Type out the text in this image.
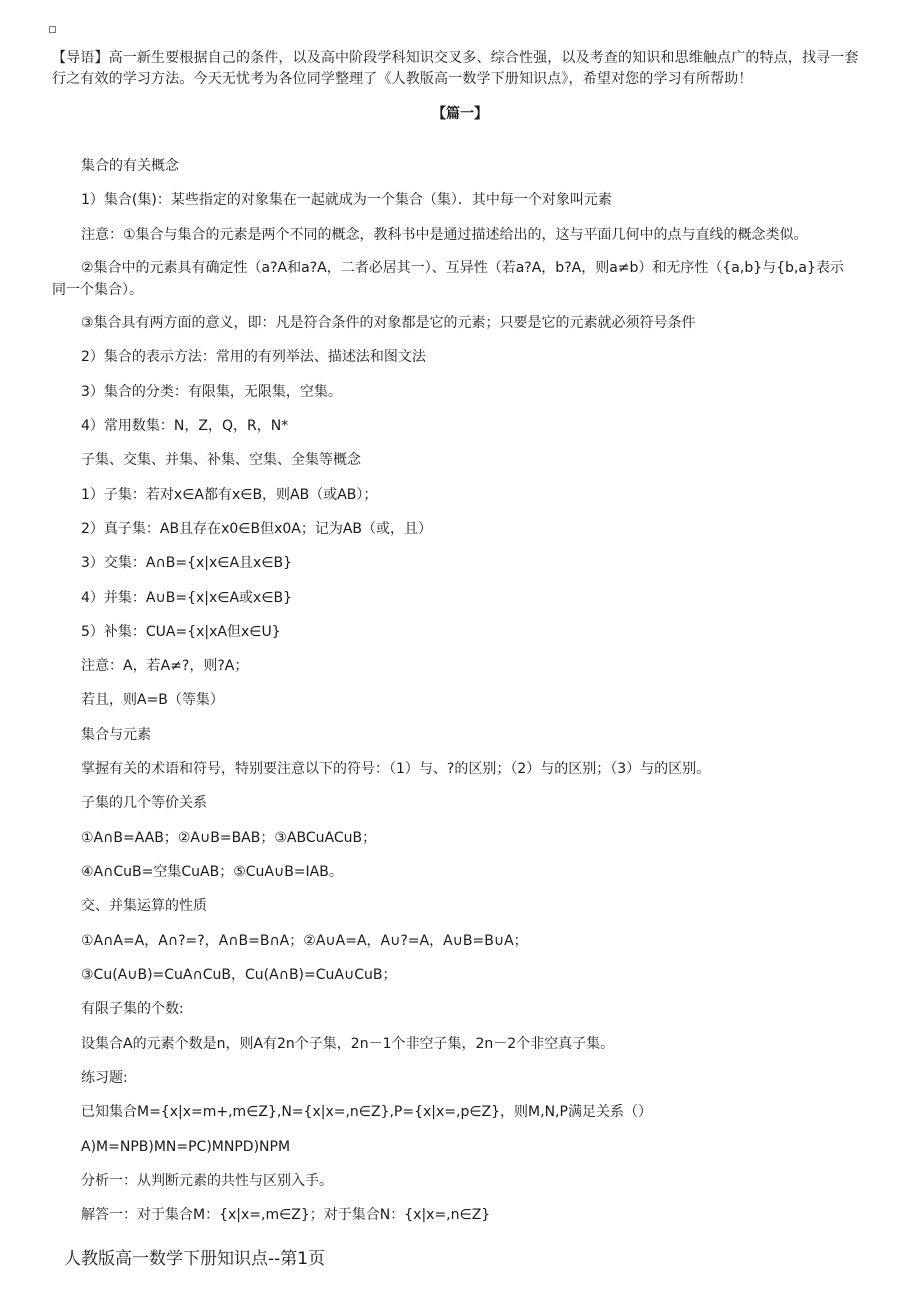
【导语】高一新生要根据自己的条件，以及高中阶段学科知识交叉多、综合性强，以及考查的知识和思维触点广的特点，找寻一套行之有效的学习方法。今天无忧考为各位同学整理了《人教版高一数学下册知识点》，希望对您的学习有所帮助！
【篇一】
集合的有关概念
1）集合(集)：某些指定的对象集在一起就成为一个集合（集）．其中每一个对象叫元素
注意：①集合与集合的元素是两个不同的概念，教科书中是通过描述给出的，这与平面几何中的点与直线的概念类似。
②集合中的元素具有确定性（a?A和a?A，二者必居其一）、互异性（若a?A，b?A，则a≠b）和无序性（{a,b}与{b,a}表示
同一个集合）。
③集合具有两方面的意义，即：凡是符合条件的对象都是它的元素；只要是它的元素就必须符号条件
2）集合的表示方法：常用的有列举法、描述法和图文法
3）集合的分类：有限集，无限集，空集。
4）常用数集：N，Z，Q，R，N*
子集、交集、并集、补集、空集、全集等概念
1）子集：若对x∈A都有x∈B，则AB（或AB）；
2）真子集：AB且存在x0∈B但x0A；记为AB（或，且）
3）交集：A∩B={x|x∈A且x∈B}
4）并集：A∪B={x|x∈A或x∈B}
5）补集：CUA={x|xA但x∈U}
注意：A，若A≠?，则?A；
若且，则A=B（等集）
集合与元素
掌握有关的术语和符号，特别要注意以下的符号：（1）与、?的区别；（2）与的区别；（3）与的区别。
子集的几个等价关系
①A∩B=AAB；②A∪B=BAB；③ABCuACuB；
④A∩CuB=空集CuAB；⑤CuA∪B=IAB。
交、并集运算的性质
①A∩A=A，A∩?=?，A∩B=B∩A；②A∪A=A，A∪?=A，A∪B=B∪A；
③Cu(A∪B)=CuA∩CuB，Cu(A∩B)=CuA∪CuB；
有限子集的个数:
设集合A的元素个数是n，则A有2n个子集，2n－1个非空子集，2n－2个非空真子集。
练习题:
已知集合M={x|x=m+,m∈Z},N={x|x=,n∈Z},P={x|x=,p∈Z}，则M,N,P满足关系（）
A)M=NPB)MN=PC)MNPD)NPM
分析一：从判断元素的共性与区别入手。
解答一：对于集合M：{x|x=,m∈Z}；对于集合N：{x|x=,n∈Z}
人教版高一数学下册知识点--第1页
